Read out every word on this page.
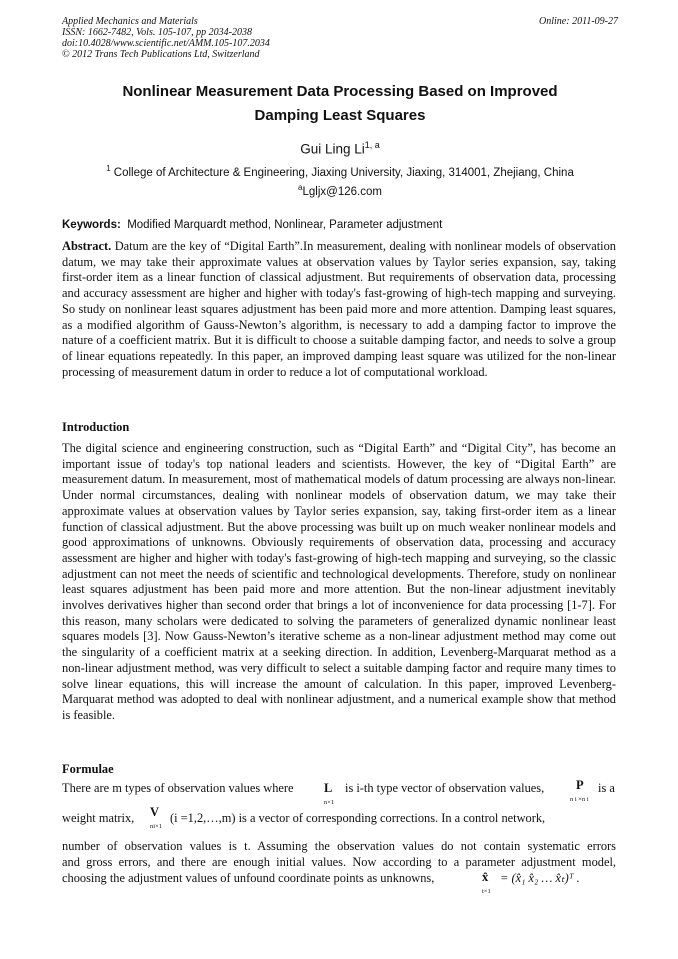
Applied Mechanics and Materials
ISSN: 1662-7482, Vols. 105-107, pp 2034-2038
doi:10.4028/www.scientific.net/AMM.105-107.2034
© 2012 Trans Tech Publications Ltd, Switzerland
Online: 2011-09-27
Nonlinear Measurement Data Processing Based on Improved
Damping Least Squares
Gui Ling Li$^{1, a}$
$^1$ College of Architecture & Engineering, Jiaxing University, Jiaxing, 314001, Zhejiang, China
$^a$Lgljx@126.com
Keywords: Modified Marquardt method, Nonlinear, Parameter adjustment
Abstract. Datum are the key of “Digital Earth”.In measurement, dealing with nonlinear models of observation datum, we may take their approximate values at observation values by Taylor series expansion, say, taking first-order item as a linear function of classical adjustment. But requirements of observation data, processing and accuracy assessment are higher and higher with today's fast-growing of high-tech mapping and surveying. So study on nonlinear least squares adjustment has been paid more and more attention. Damping least squares, as a modified algorithm of Gauss-Newton’s algorithm, is necessary to add a damping factor to improve the nature of a coefficient matrix. But it is difficult to choose a suitable damping factor, and needs to solve a group of linear equations repeatedly. In this paper, an improved damping least square was utilized for the non-linear processing of measurement datum in order to reduce a lot of computational workload.
Introduction
The digital science and engineering construction, such as “Digital Earth” and “Digital City”, has become an important issue of today's top national leaders and scientists. However, the key of “Digital Earth” are measurement datum. In measurement, most of mathematical models of datum processing are always non-linear. Under normal circumstances, dealing with nonlinear models of observation datum, we may take their approximate values at observation values by Taylor series expansion, say, taking first-order item as a linear function of classical adjustment. But the above processing was built up on much weaker nonlinear models and good approximations of unknowns. Obviously requirements of observation data, processing and accuracy assessment are higher and higher with today's fast-growing of high-tech mapping and surveying, so the classic adjustment can not meet the needs of scientific and technological developments. Therefore, study on nonlinear least squares adjustment has been paid more and more attention. But the non-linear adjustment inevitably involves derivatives higher than second order that brings a lot of inconvenience for data processing [1-7]. For this reason, many scholars were dedicated to solving the parameters of generalized dynamic nonlinear least squares models [3]. Now Gauss-Newton’s iterative scheme as a non-linear adjustment method may come out the singularity of a coefficient matrix at a seeking direction. In addition, Levenberg-Marquarat method as a non-linear adjustment method, was very difficult to select a suitable damping factor and require many times to solve linear equations, this will increase the amount of calculation. In this paper, improved Levenberg-Marquarat method was adopted to deal with nonlinear adjustment, and a numerical example show that method is feasible.
Formulae
There are m types of observation values where L
n×1
is i-th type vector of observation values,	P
n i ×n i
is a
weight matrix, V
ni×1
(i =1,2,…,m) is a vector of corresponding corrections. In a control network,
number of observation values is t. Assuming the observation values do not contain systematic errors
and gross errors, and there are enough initial values. Now according to a parameter adjustment model,
choosing the adjustment values of unfound coordinate points as unknowns,	x̂
t×1
= (x̂₁ x̂₂ … x̂ₜ)ᵀ .
